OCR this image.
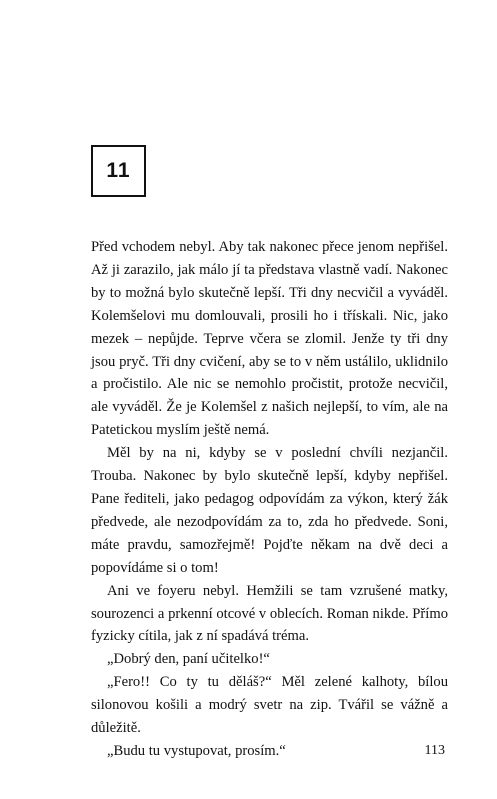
11

Před vchodem nebyl. Aby tak nakonec přece jenom nepřišel. Až ji zarazilo, jak málo jí ta představa vlastně vadí. Nakonec by to možná bylo skutečně lepší. Tři dny necvičil a vyváděl. Kolemšelovi mu domlouvali, prosili ho i třískali. Nic, jako mezek – nepůjde. Teprve včera se zlomil. Jenže ty tři dny jsou pryč. Tři dny cvičení, aby se to v něm ustálilo, uklidnilo a pročistilo. Ale nic se nemohlo pročistit, protože necvičil, ale vyváděl. Že je Kolemšel z našich nejlepší, to vím, ale na Patetickou myslím ještě nemá.

Měl by na ni, kdyby se v poslední chvíli nezjančil. Trouba. Nakonec by bylo skutečně lepší, kdyby nepřišel. Pane řediteli, jako pedagog odpovídám za výkon, který žák předvede, ale nezodpovídám za to, zda ho předvede. Soni, máte pravdu, samozřejmě! Pojďte někam na dvě deci a popovídáme si o tom!

Ani ve foyeru nebyl. Hemžili se tam vzrušené matky, sourozenci a prkenní otcové v oblecích. Roman nikde. Přímo fyzicky cítila, jak z ní spadává tréma.

„Dobrý den, paní učitelko!“

„Fero!! Co ty tu děláš?“ Měl zelené kalhoty, bílou silonovou košili a modrý svetr na zip. Tvářil se vážně a důležitě.

„Budu tu vystupovat, prosím.“	113
